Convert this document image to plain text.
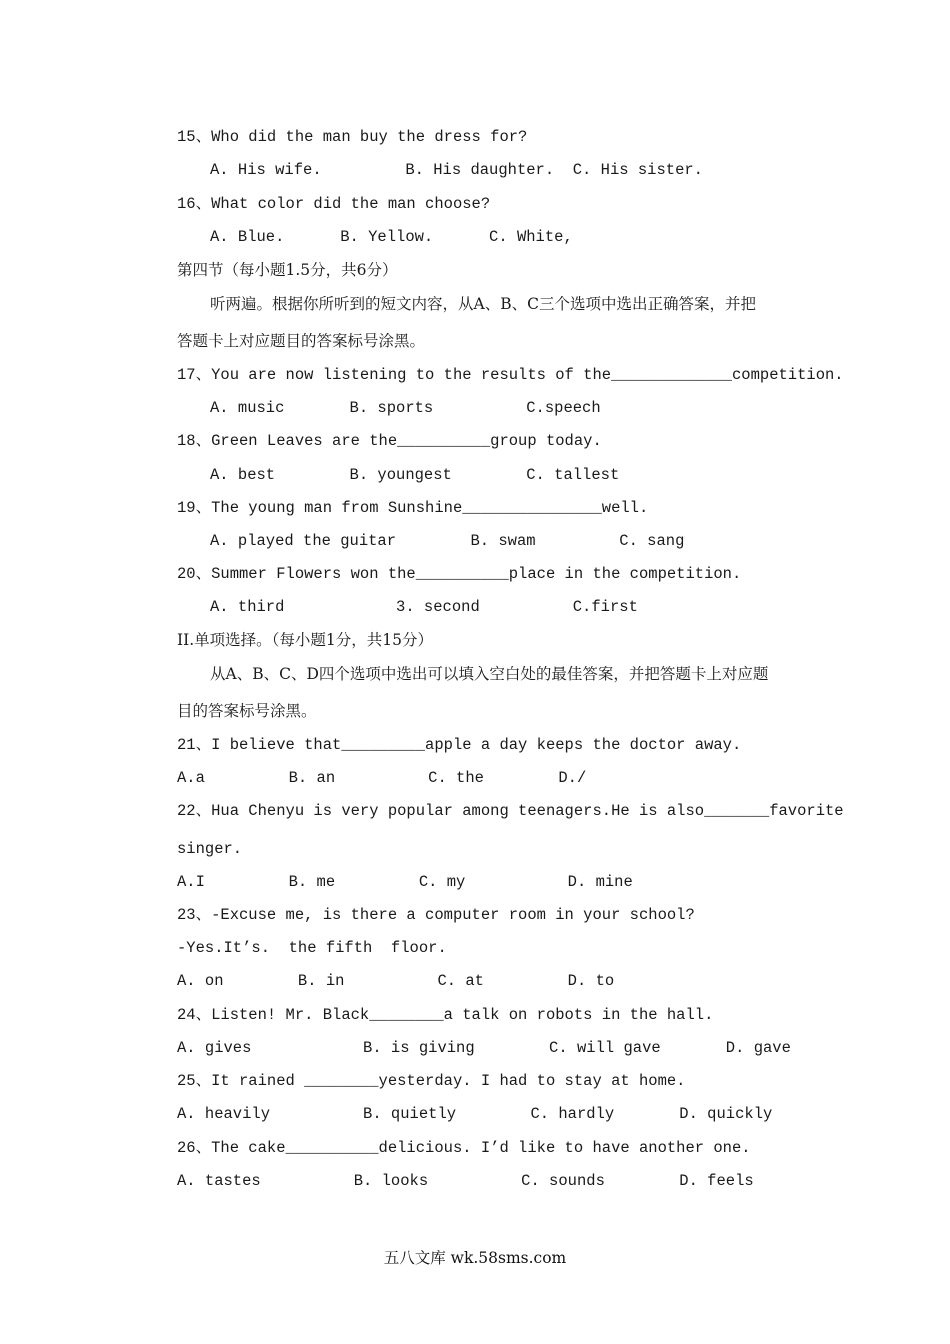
15、Who did the man buy the dress for?
A. His wife.         B. His daughter.  C. His sister.
16、What color did the man choose?
A. Blue.      B. Yellow.      C. White,
第四节（每小题1.5分，共6分）
听两遍。根据你所听到的短文内容，从A、B、C三个选项中选出正确答案，并把
答题卡上对应题目的答案标号涂黑。
17、You are now listening to the results of the_____________competition.
A. music       B. sports          C.speech
18、Green Leaves are the__________group today.
A. best        B. youngest        C. tallest
19、The young man from Sunshine_______________well.
A. played the guitar        B. swam         C. sang
20、Summer Flowers won the__________place in the competition.
A. third            3. second          C.first
II.单项选择。（每小题1分，共15分）
从A、B、C、D四个选项中选出可以填入空白处的最佳答案，并把答题卡上对应题
目的答案标号涂黑。
21、I believe that_________apple a day keeps the doctor away.
A.a         B. an          C. the        D./
22、Hua Chenyu is very popular among teenagers.He is also_______favorite
singer.
A.I         B. me         C. my           D. mine
23、-Excuse me, is there a computer room in your school?
-Yes.It’s.  the fifth  floor.
A. on        B. in          C. at         D. to
24、Listen! Mr. Black________a talk on robots in the hall.
A. gives            B. is giving        C. will gave       D. gave
25、It rained ________yesterday. I had to stay at home.
A. heavily          B. quietly        C. hardly       D. quickly
26、The cake__________delicious. I’d like to have another one.
A. tastes          B. looks          C. sounds        D. feels
五八文库 wk.58sms.com
